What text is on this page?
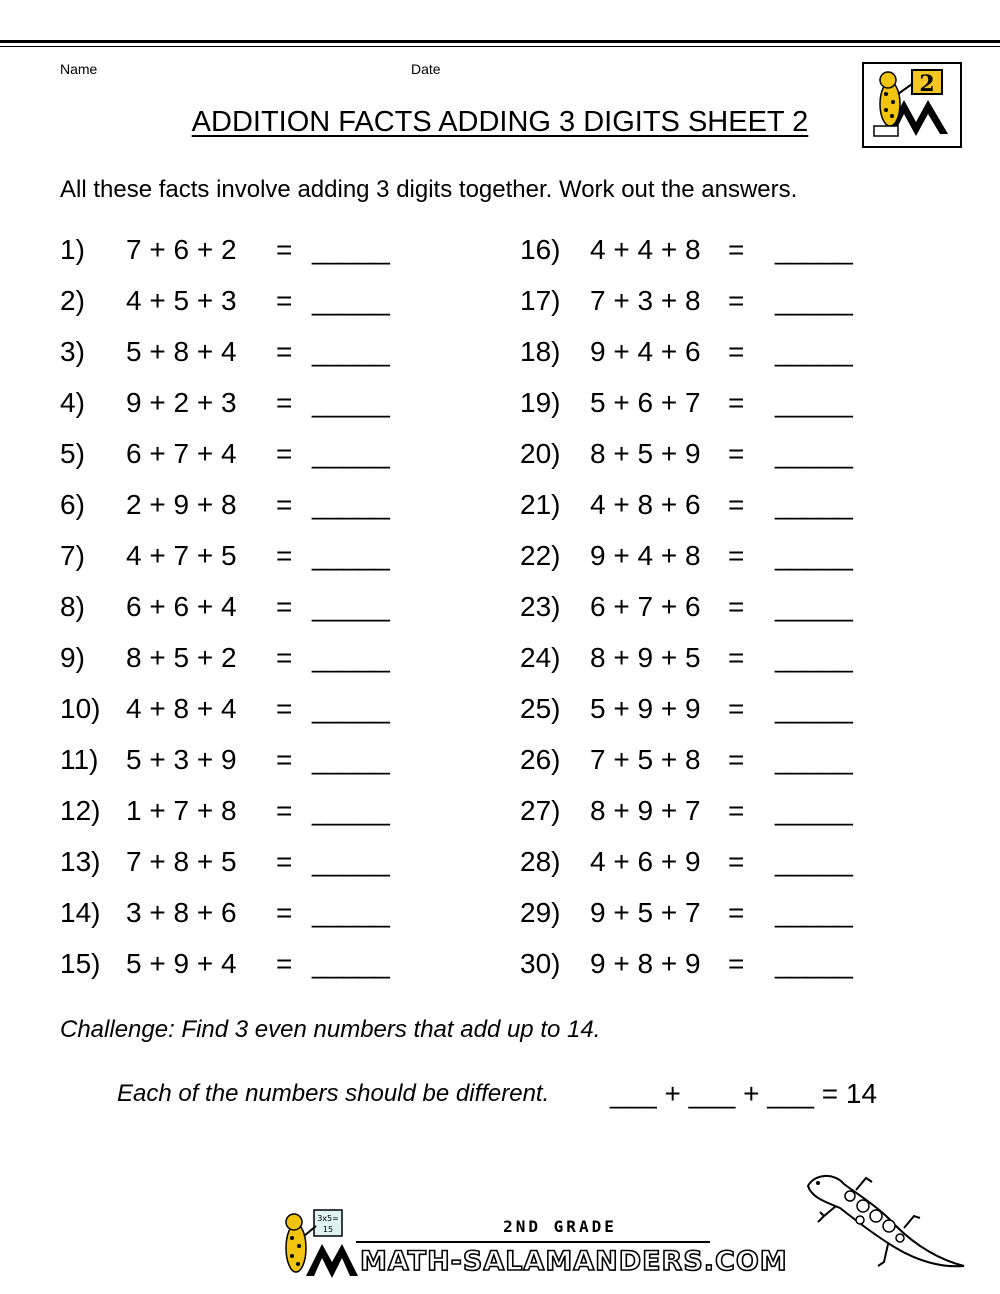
Name	Date
ADDITION FACTS ADDING 3 DIGITS SHEET 2
2
All these facts involve adding 3 digits together. Work out the answers.
1) 7 + 6 + 2 = _____
2) 4 + 5 + 3 = _____
3) 5 + 8 + 4 = _____
4) 9 + 2 + 3 = _____
5) 6 + 7 + 4 = _____
6) 2 + 9 + 8 = _____
7) 4 + 7 + 5 = _____
8) 6 + 6 + 4 = _____
9) 8 + 5 + 2 = _____
10) 4 + 8 + 4 = _____
11) 5 + 3 + 9 = _____
12) 1 + 7 + 8 = _____
13) 7 + 8 + 5 = _____
14) 3 + 8 + 6 = _____
15) 5 + 9 + 4 = _____
16) 4 + 4 + 8 = _____
17) 7 + 3 + 8 = _____
18) 9 + 4 + 6 = _____
19) 5 + 6 + 7 = _____
20) 8 + 5 + 9 = _____
21) 4 + 8 + 6 = _____
22) 9 + 4 + 8 = _____
23) 6 + 7 + 6 = _____
24) 8 + 9 + 5 = _____
25) 5 + 9 + 9 = _____
26) 7 + 5 + 8 = _____
27) 8 + 9 + 7 = _____
28) 4 + 6 + 9 = _____
29) 9 + 5 + 7 = _____
30) 9 + 8 + 9 = _____
Challenge: Find 3 even numbers that add up to 14.
Each of the numbers should be different. ___ + ___ + ___ = 14
3x5=
15	2ND GRADE
MATH-SALAMANDERS.COM
